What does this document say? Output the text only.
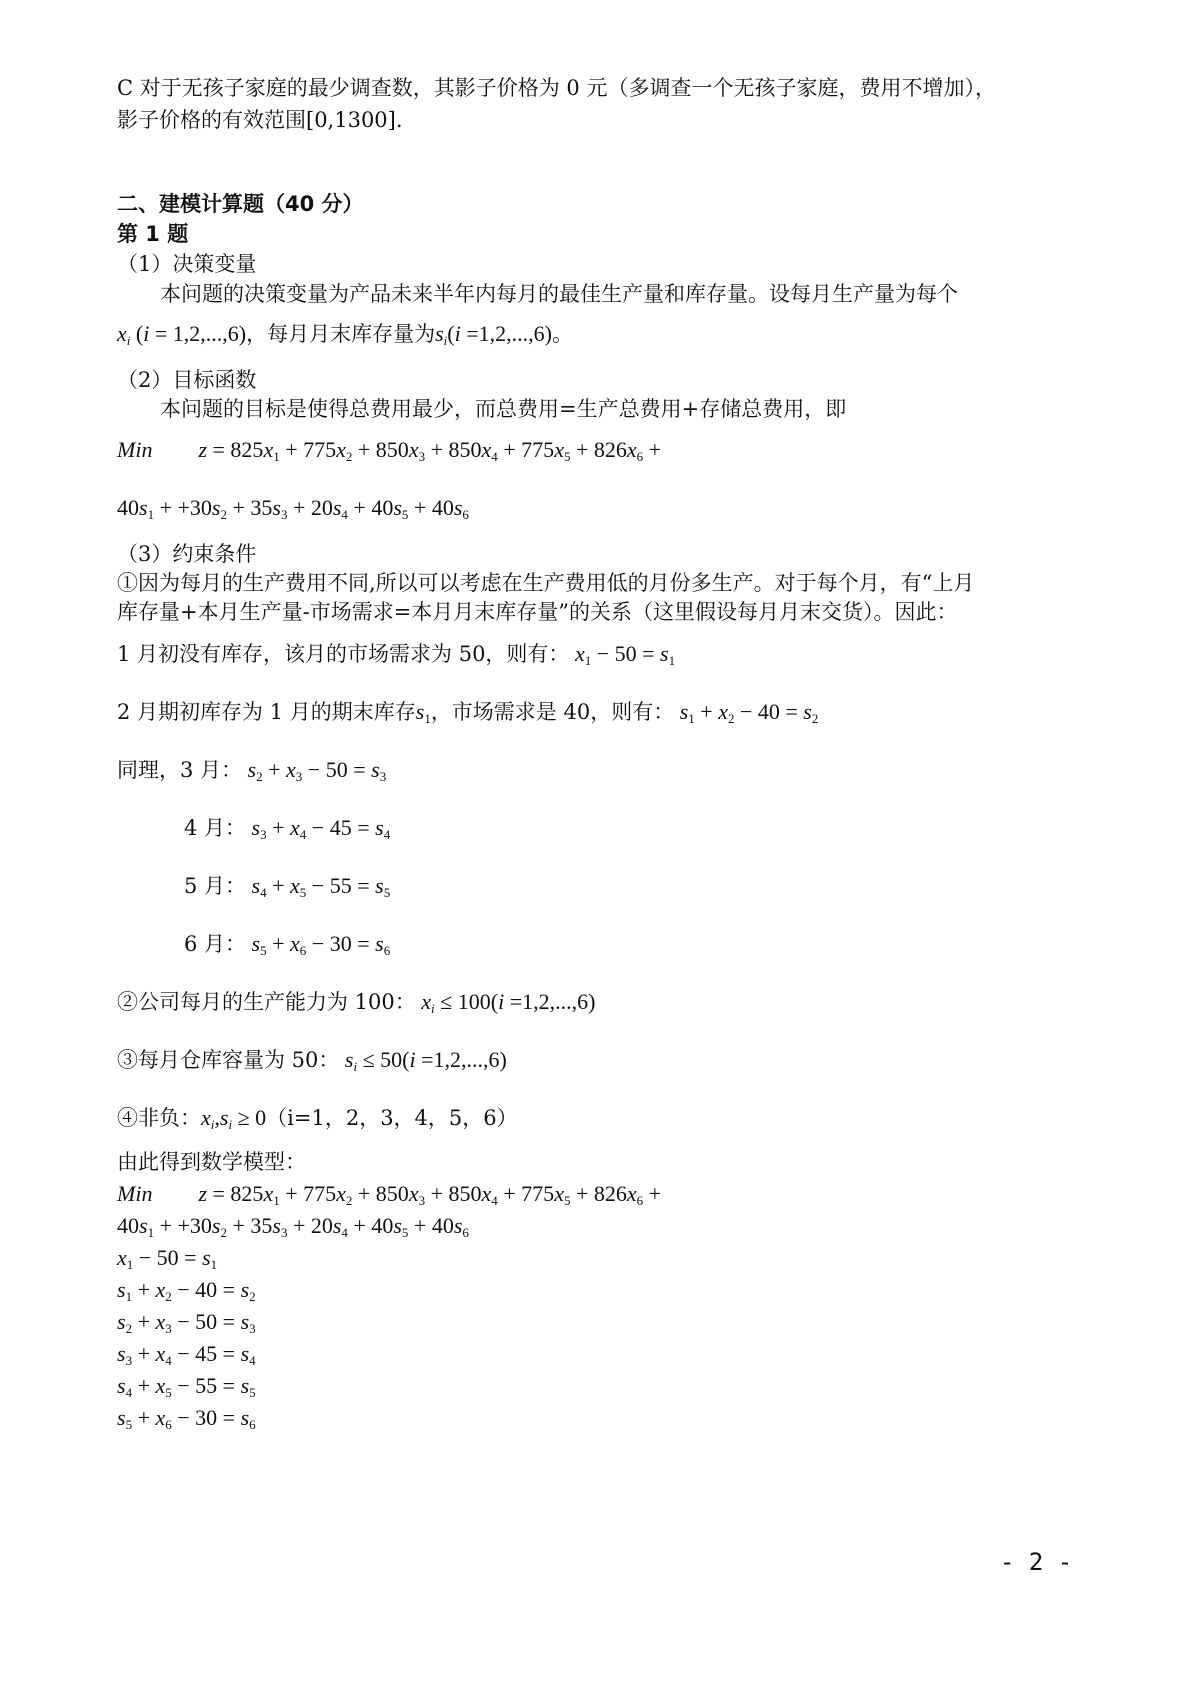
C 对于无孩子家庭的最少调查数，其影子价格为 0 元（多调查一个无孩子家庭，费用不增加），
影子价格的有效范围[0,1300].
二、建模计算题（40 分）
第 1 题
（1）决策变量
本问题的决策变量为产品未来半年内每月的最佳生产量和库存量。设每月生产量为每个
$x_i$ (i = 1,2,...,6)，每月月末库存量为$s_i(i =1,2,...,6)$。
（2）目标函数
本问题的目标是使得总费用最少，而总费用=生产总费用+存储总费用，即
Min $z = 825x_1 + 775x_2 + 850x_3 + 850x_4 + 775x_5 + 826x_6$ +
$40s_1 + +30s_2 + 35s_3 + 20s_4 + 40s_5 + 40s_6$
（3）约束条件
①因为每月的生产费用不同,所以可以考虑在生产费用低的月份多生产。对于每个月，有“上月
库存量+本月生产量-市场需求=本月月末库存量”的关系（这里假设每月月末交货）。因此：
1 月初没有库存，该月的市场需求为 50，则有： $x_1 - 50 = s_1$
2 月期初库存为 1 月的期末库存$s_1$，市场需求是 40，则有： $s_1 + x_2 - 40 = s_2$
同理，3 月： $s_2 + x_3 - 50 = s_3$
4 月： $s_3 + x_4 - 45 = s_4$
5 月： $s_4 + x_5 - 55 = s_5$
6 月： $s_5 + x_6 - 30 = s_6$
②公司每月的生产能力为 100： $x_i \le 100(i =1,2,...,6)$
③每月仓库容量为 50： $s_i \le 50(i =1,2,...,6)$
④非负：$x_i,s_i \ge 0(i=1$，2，3，4，5，6）
由此得到数学模型：
Min $z = 825x_1 + 775x_2 + 850x_3 + 850x_4 + 775x_5 + 826x_6$ +
$40s_1 + +30s_2 + 35s_3 + 20s_4 + 40s_5 + 40s_6$
$x_1 - 50 = s_1$
$s_1 + x_2 - 40 = s_2$
$s_2 + x_3 - 50 = s_3$
$s_3 + x_4 - 45 = s_4$
$s_4 + x_5 - 55 = s_5$
$s_5 + x_6 - 30 = s_6$
- 2 -
